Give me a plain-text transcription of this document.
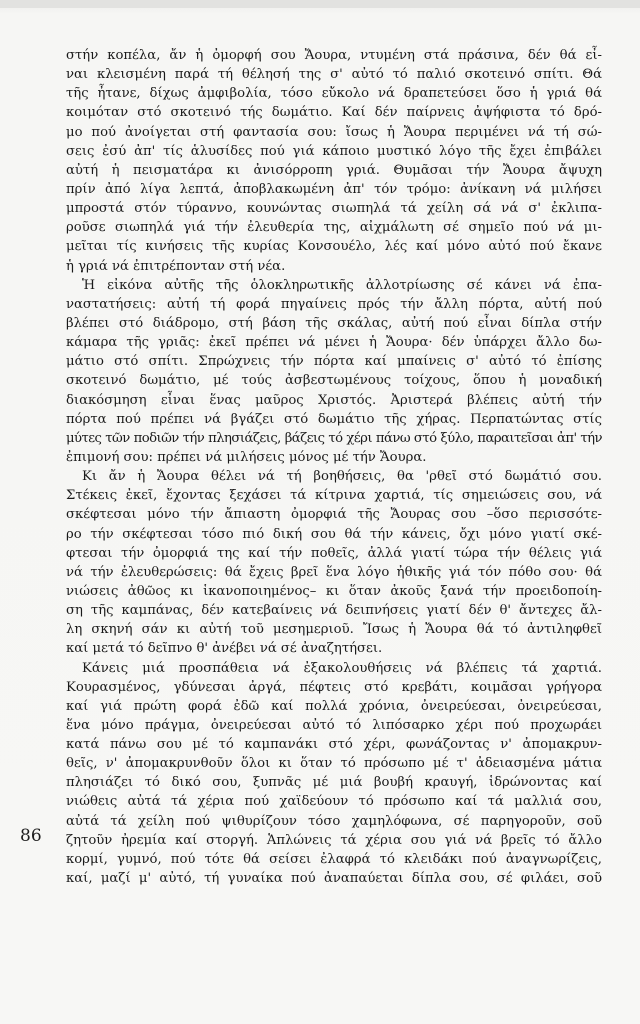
στήν κοπέλα, ἄν ἡ ὀμορφή σου Ἄουρα, ντυμένη στά πράσινα, δέν θά εἶ-
ναι κλεισμένη παρά τή θέλησή της σ' αὐτό τό παλιό σκοτεινό σπίτι. Θά
τῆς ἦτανε, δίχως ἀμφιβολία, τόσο εὔκολο νά δραπετεύσει ὅσο ἡ γριά θά
κοιμόταν στό σκοτεινό τής δωμάτιο. Καί δέν παίρνεις ἀψήφιστα τό δρό-
μο πού ἀνοίγεται στή φαντασία σου: ἴσως ἡ Ἄουρα περιμένει νά τή σώ-
σεις ἐσύ ἀπ' τίς ἁλυσίδες πού γιά κάποιο μυστικό λόγο τῆς ἔχει ἐπιβάλει
αὐτή ἡ πεισματάρα κι ἀνισόρροπη γριά. Θυμᾶσαι τήν Ἄουρα ἄψυχη
πρίν ἀπό λίγα λεπτά, ἀποβλακωμένη ἀπ' τόν τρόμο: ἀνίκανη νά μιλήσει
μπροστά στόν τύραννο, κουνώντας σιωπηλά τά χείλη σά νά σ' ἐκλιπα-
ροῦσε σιωπηλά γιά τήν ἐλευθερία της, αἰχμάλωτη σέ σημεῖο πού νά μι-
μεῖται τίς κινήσεις τῆς κυρίας Κονσουέλο, λές καί μόνο αὐτό πού ἔκανε
ἡ γριά νά ἐπιτρέπονταν στή νέα.
Ἡ εἰκόνα αὐτῆς τῆς ὁλοκληρωτικῆς ἀλλοτρίωσης σέ κάνει νά ἐπα-
ναστατήσεις: αὐτή τή φορά πηγαίνεις πρός τήν ἄλλη πόρτα, αὐτή πού
βλέπει στό διάδρομο, στή βάση τῆς σκάλας, αὐτή πού εἶναι δίπλα στήν
κάμαρα τῆς γριᾶς: ἐκεῖ πρέπει νά μένει ἡ Ἄουρα· δέν ὑπάρχει ἄλλο δω-
μάτιο στό σπίτι. Σπρώχνεις τήν πόρτα καί μπαίνεις σ' αὐτό τό ἐπίσης
σκοτεινό δωμάτιο, μέ τούς ἀσβεστωμένους τοίχους, ὅπου ἡ μοναδική
διακόσμηση εἶναι ἕνας μαῦρος Χριστός. Ἀριστερά βλέπεις αὐτή τήν
πόρτα πού πρέπει νά βγάζει στό δωμάτιο τῆς χήρας. Περπατώντας στίς
μύτες τῶν ποδιῶν τήν πλησιάζεις, βάζεις τό χέρι πάνω στό ξύλο, παραιτεῖσαι ἀπ' τήν
ἐπιμονή σου: πρέπει νά μιλήσεις μόνος μέ τήν Ἄουρα.
Κι ἄν ἡ Ἄουρα θέλει νά τή βοηθήσεις, θα 'ρθεῖ στό δωμάτιό σου.
Στέκεις ἐκεῖ, ἔχοντας ξεχάσει τά κίτρινα χαρτιά, τίς σημειώσεις σου, νά
σκέφτεσαι μόνο τήν ἄπιαστη ὀμορφιά τῆς Ἄουρας σου –ὅσο περισσότε-
ρο τήν σκέφτεσαι τόσο πιό δική σου θά τήν κάνεις, ὄχι μόνο γιατί σκέ-
φτεσαι τήν ὀμορφιά της καί τήν ποθεῖς, ἀλλά γιατί τώρα τήν θέλεις γιά
νά τήν ἐλευθερώσεις: θά ἔχεις βρεῖ ἕνα λόγο ἠθικῆς γιά τόν πόθο σου· θά
νιώσεις ἀθῶος κι ἱκανοποιημένος– κι ὅταν ἀκοῦς ξανά τήν προειδοποίη-
ση τῆς καμπάνας, δέν κατεβαίνεις νά δειπνήσεις γιατί δέν θ' ἄντεχες ἄλ-
λη σκηνή σάν κι αὐτή τοῦ μεσημεριοῦ. Ἴσως ἡ Ἄουρα θά τό ἀντιληφθεῖ
καί μετά τό δεῖπνο θ' ἀνέβει νά σέ ἀναζητήσει.
Κάνεις μιά προσπάθεια νά ἐξακολουθήσεις νά βλέπεις τά χαρτιά.
Κουρασμένος, γδύνεσαι ἀργά, πέφτεις στό κρεβάτι, κοιμᾶσαι γρήγορα
καί γιά πρώτη φορά ἐδῶ καί πολλά χρόνια, ὀνειρεύεσαι, ὀνειρεύεσαι,
ἕνα μόνο πράγμα, ὀνειρεύεσαι αὐτό τό λιπόσαρκο χέρι πού προχωράει
κατά πάνω σου μέ τό καμπανάκι στό χέρι, φωνάζοντας ν' ἀπομακρυν-
θεῖς, ν' ἀπομακρυνθοῦν ὅλοι κι ὅταν τό πρόσωπο μέ τ' ἀδειασμένα μάτια
πλησιάζει τό δικό σου, ξυπνᾶς μέ μιά βουβή κραυγή, ἱδρώνοντας καί
νιώθεις αὐτά τά χέρια πού χαϊδεύουν τό πρόσωπο καί τά μαλλιά σου,
αὐτά τά χείλη πού ψιθυρίζουν τόσο χαμηλόφωνα, σέ παρηγοροῦν, σοῦ
ζητοῦν ἠρεμία καί στοργή. Ἁπλώνεις τά χέρια σου γιά νά βρεῖς τό ἄλλο
κορμί, γυμνό, πού τότε θά σείσει ἐλαφρά τό κλειδάκι πού ἀναγνωρίζεις,
καί, μαζί μ' αὐτό, τή γυναίκα πού ἀναπαύεται δίπλα σου, σέ φιλάει, σοῦ
86
